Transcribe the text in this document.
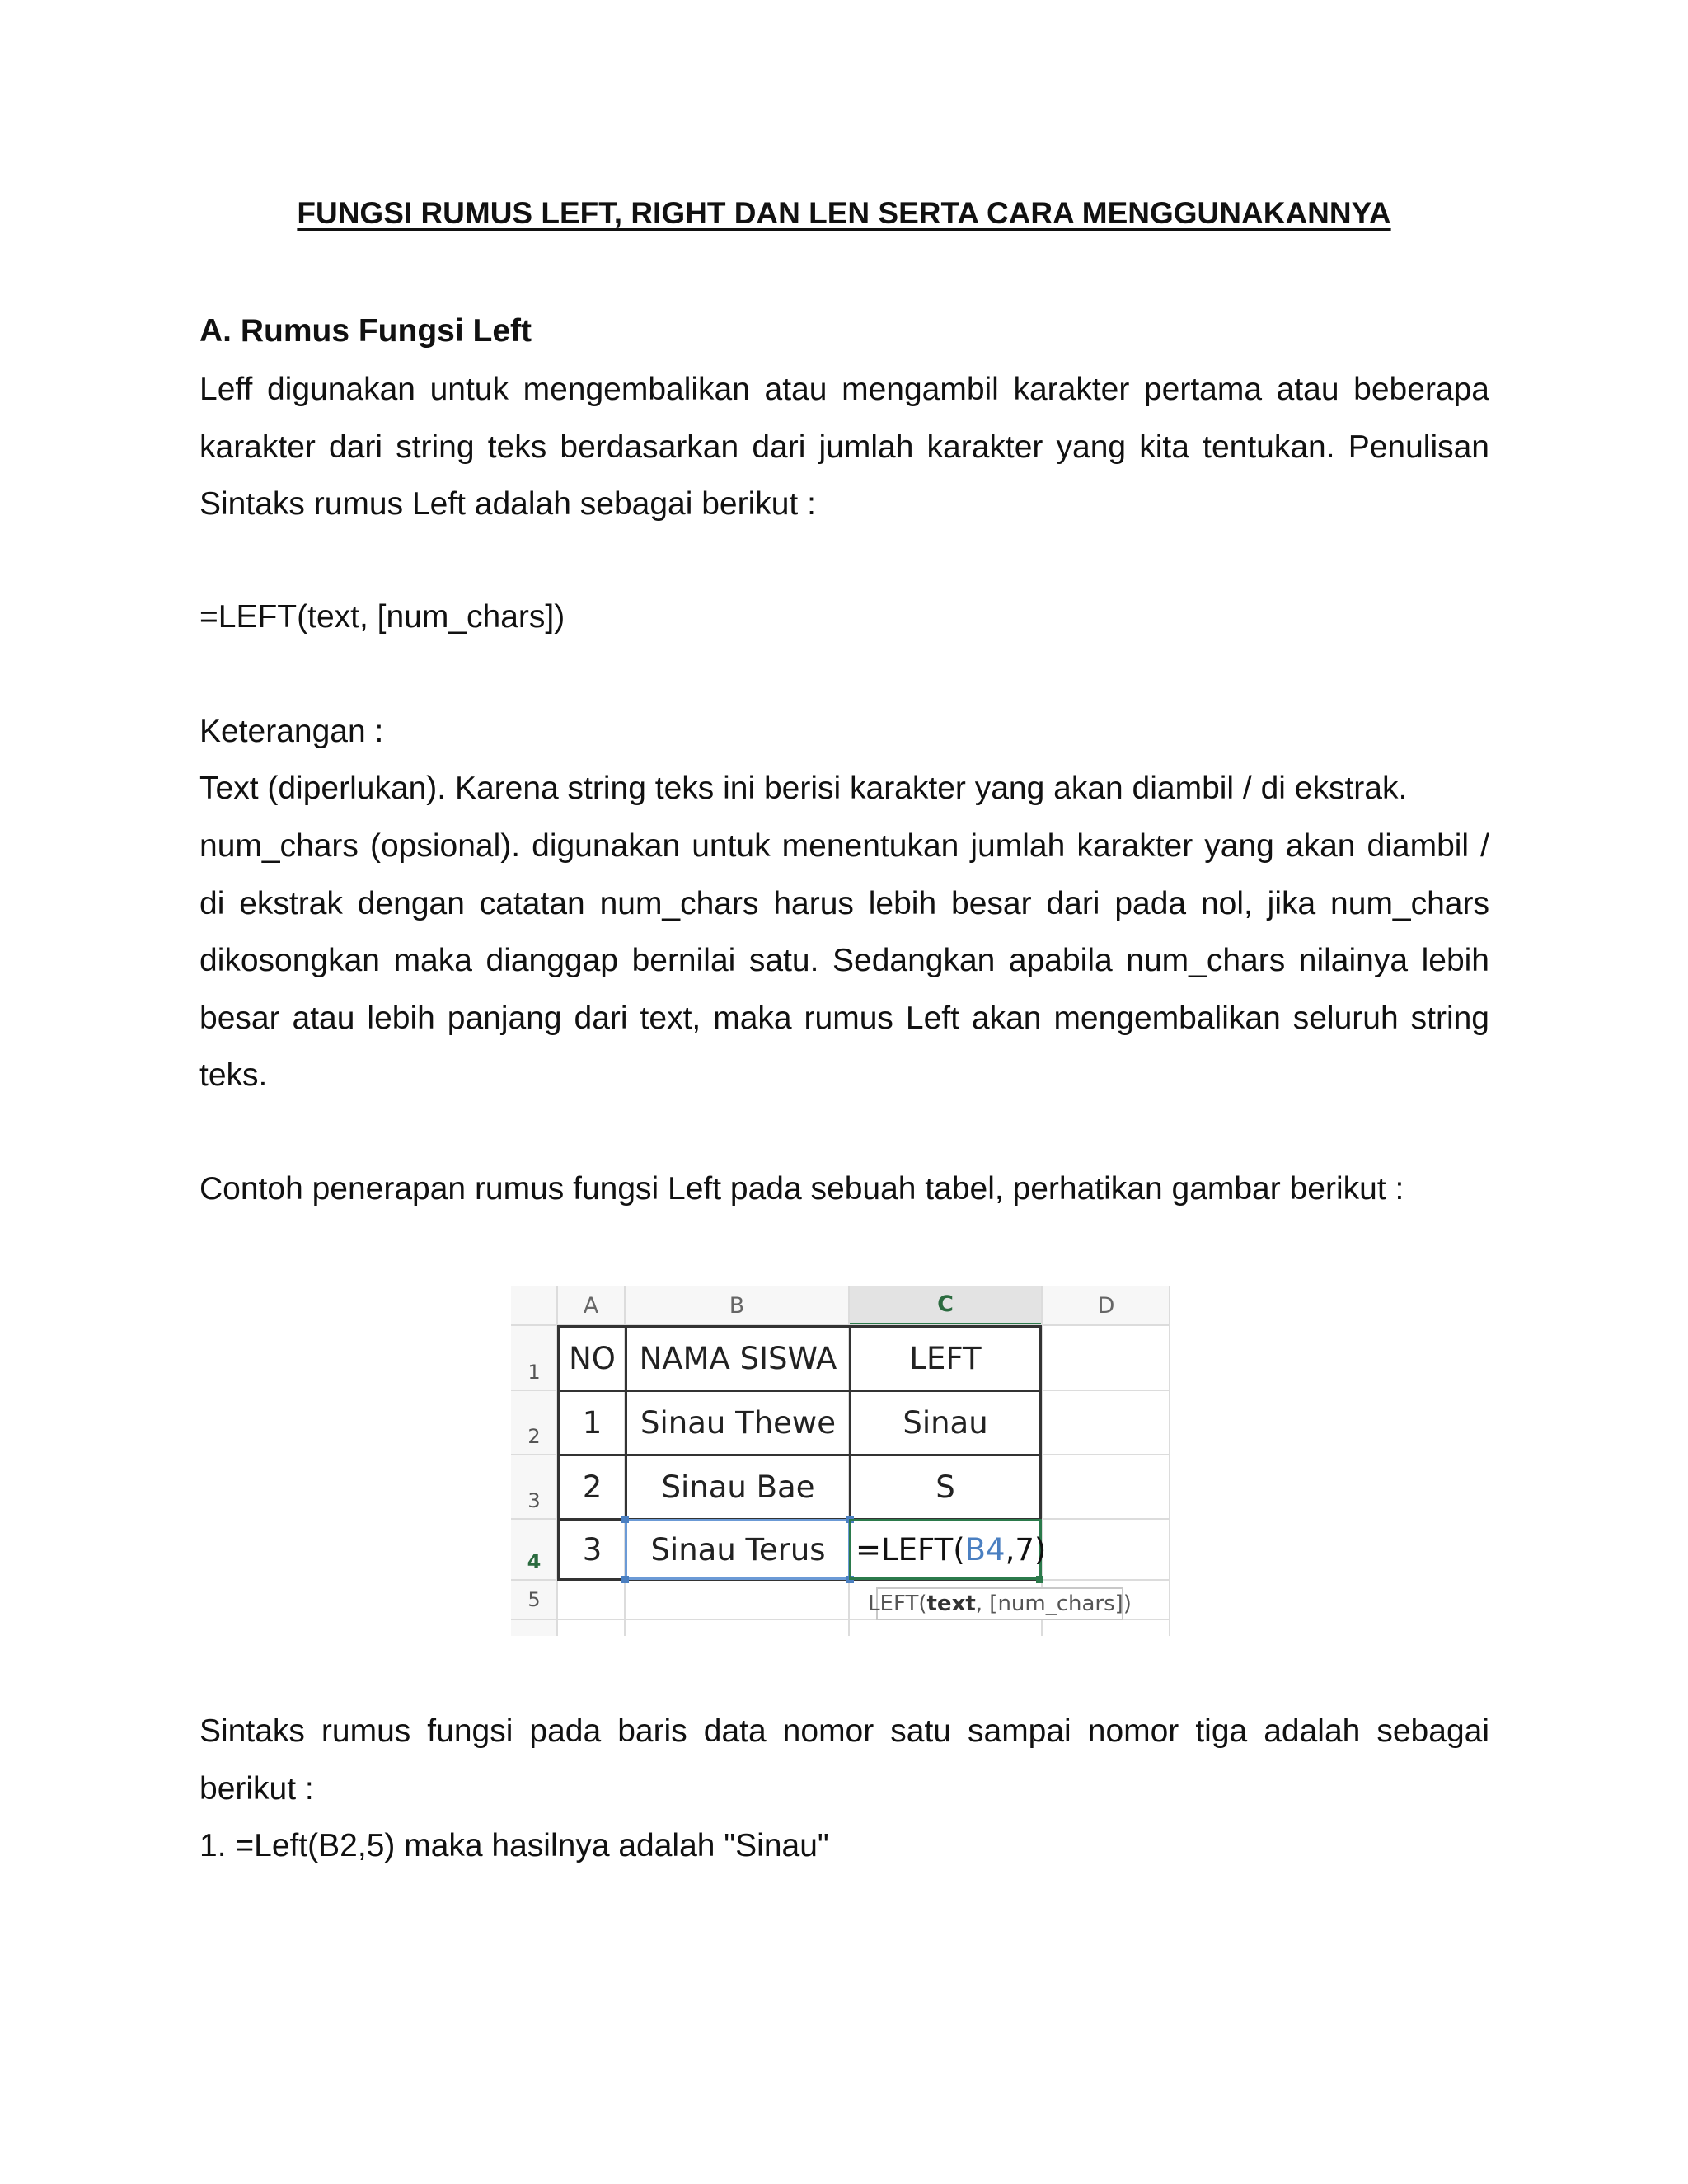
FUNGSI RUMUS LEFT, RIGHT DAN LEN SERTA CARA MENGGUNAKANNYA
A. Rumus Fungsi Left
Leff digunakan untuk mengembalikan atau mengambil karakter pertama atau beberapa karakter dari string teks berdasarkan dari jumlah karakter yang kita tentukan. Penulisan Sintaks rumus Left adalah sebagai berikut :
=LEFT(text, [num_chars])
Keterangan :
Text (diperlukan). Karena string teks ini berisi karakter yang akan diambil / di ekstrak.
num_chars (opsional). digunakan untuk menentukan jumlah karakter yang akan diambil / di ekstrak dengan catatan num_chars harus lebih besar dari pada nol, jika num_chars dikosongkan maka dianggap bernilai satu. Sedangkan apabila num_chars nilainya lebih besar atau lebih panjang dari text, maka rumus Left akan mengembalikan seluruh string teks.
Contoh penerapan rumus fungsi Left pada sebuah tabel, perhatikan gambar berikut :
A	B	C	D
1
2
3
4
5
NO NAMA SISWA	LEFT
1	Sinau Thewe	Sinau
2	Sinau Bae	S
3	Sinau Terus =LEFT( B4 ,7)
LEFT( text , [num_chars])
Sintaks rumus fungsi pada baris data nomor satu sampai nomor tiga adalah sebagai berikut :
1. =Left(B2,5) maka hasilnya adalah "Sinau"
